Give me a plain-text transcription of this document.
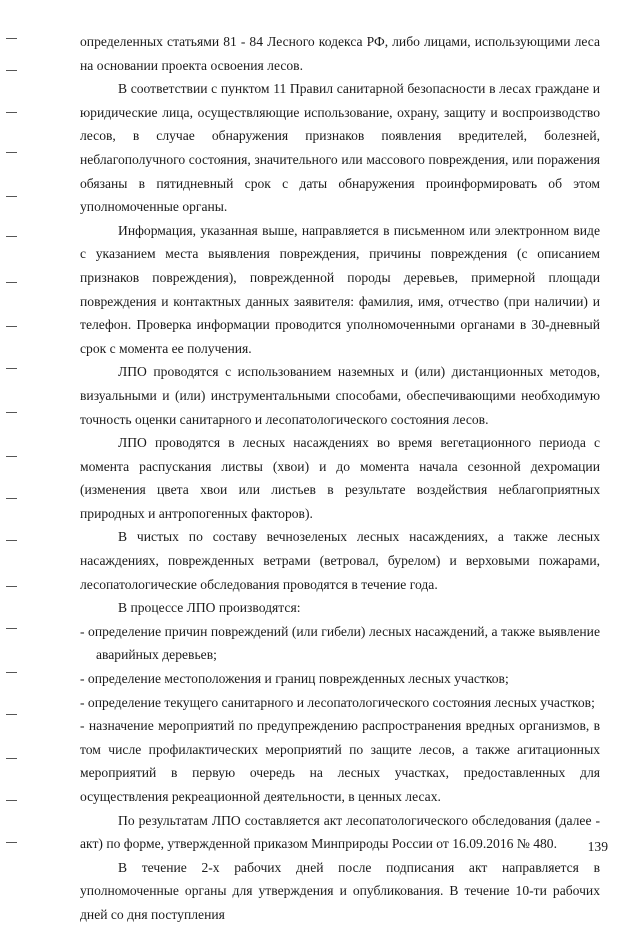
определенных статьями 81 - 84 Лесного кодекса РФ, либо лицами, использующими леса на основании проекта освоения лесов.

В соответствии с пунктом 11 Правил санитарной безопасности в лесах граждане и юридические лица, осуществляющие использование, охрану, защиту и воспроизводство лесов, в случае обнаружения признаков появления вредителей, болезней, неблагополучного состояния, значительного или массового повреждения, или поражения обязаны в пятидневный срок с даты обнаружения проинформировать об этом уполномоченные органы.

Информация, указанная выше, направляется в письменном или электронном виде с указанием места выявления повреждения, причины повреждения (с описанием признаков повреждения), поврежденной породы деревьев, примерной площади повреждения и контактных данных заявителя: фамилия, имя, отчество (при наличии) и телефон. Проверка информации проводится уполномоченными органами в 30-дневный срок с момента ее получения.

ЛПО проводятся с использованием наземных и (или) дистанционных методов, визуальными и (или) инструментальными способами, обеспечивающими необходимую точность оценки санитарного и лесопатологического состояния лесов.

ЛПО проводятся в лесных насаждениях во время вегетационного периода с момента распускания листвы (хвои) и до момента начала сезонной дехромации (изменения цвета хвои или листьев в результате воздействия неблагоприятных природных и антропогенных факторов).

В чистых по составу вечнозеленых лесных насаждениях, а также лесных насаждениях, поврежденных ветрами (ветровал, бурелом) и верховыми пожарами, лесопатологические обследования проводятся в течение года.

В процессе ЛПО производятся:

- определение причин повреждений (или гибели) лесных насаждений, а также выявление аварийных деревьев;

- определение местоположения и границ поврежденных лесных участков;

- определение текущего санитарного и лесопатологического состояния лесных участков;

- назначение мероприятий по предупреждению распространения вредных организмов, в том числе профилактических мероприятий по защите лесов, а также агитационных мероприятий в первую очередь на лесных участках, предоставленных для осуществления рекреационной деятельности, в ценных лесах.

По результатам ЛПО составляется акт лесопатологического обследования (далее - акт) по форме, утвержденной приказом Минприроды России от 16.09.2016 № 480.

В течение 2-х рабочих дней после подписания акт направляется в уполномоченные органы для утверждения и опубликования. В течение 10-ти рабочих дней со дня поступления

139
